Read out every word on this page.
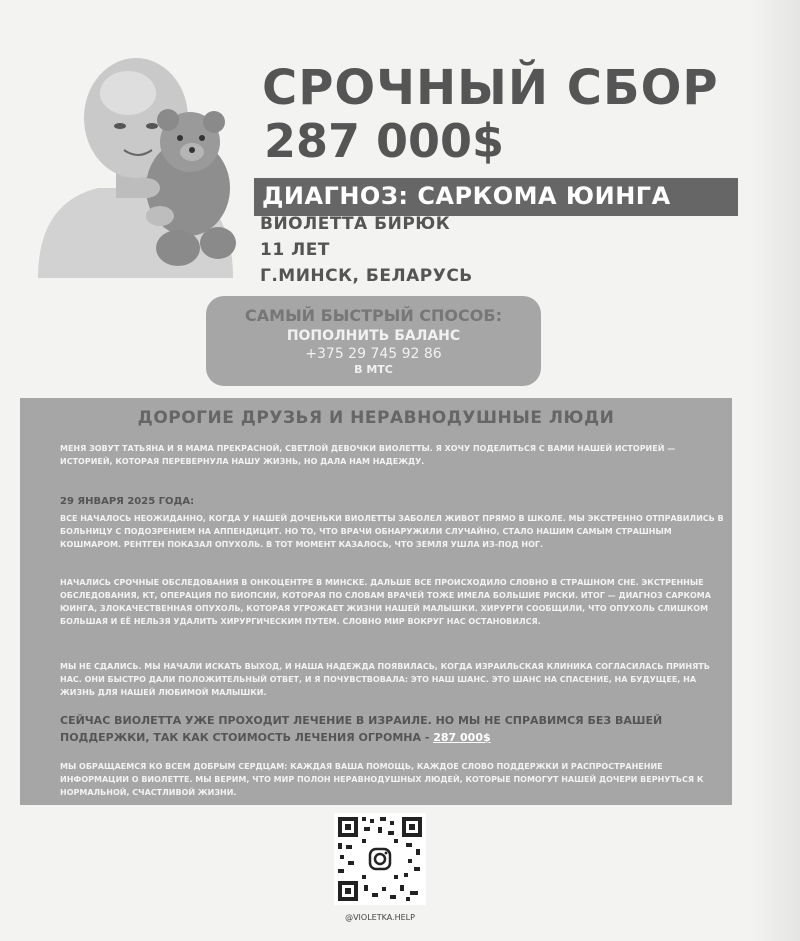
СРОЧНЫЙ СБОР
287 000$
ДИАГНОЗ: САРКОМА ЮИНГА
ВИОЛЕТТА БИРЮК
11 ЛЕТ
Г.МИНСК, БЕЛАРУСЬ
САМЫЙ БЫСТРЫЙ СПОСОБ:
ПОПОЛНИТЬ БАЛАНС
+375 29 745 92 86
В МТС
ДОРОГИЕ ДРУЗЬЯ И НЕРАВНОДУШНЫЕ ЛЮДИ
МЕНЯ ЗОВУТ ТАТЬЯНА И Я МАМА ПРЕКРАСНОЙ, СВЕТЛОЙ ДЕВОЧКИ ВИОЛЕТТЫ. Я ХОЧУ ПОДЕЛИТЬСЯ С ВАМИ НАШЕЙ ИСТОРИЕЙ — ИСТОРИЕЙ, КОТОРАЯ ПЕРЕВЕРНУЛА НАШУ ЖИЗНЬ, НО ДАЛА НАМ НАДЕЖДУ.
29 ЯНВАРЯ 2025 ГОДА:
ВСЕ НАЧАЛОСЬ НЕОЖИДАННО, КОГДА У НАШЕЙ ДОЧЕНЬКИ ВИОЛЕТТЫ ЗАБОЛЕЛ ЖИВОТ ПРЯМО В ШКОЛЕ. МЫ ЭКСТРЕННО ОТПРАВИЛИСЬ В БОЛЬНИЦУ С ПОДОЗРЕНИЕМ НА АППЕНДИЦИТ. НО ТО, ЧТО ВРАЧИ ОБНАРУЖИЛИ СЛУЧАЙНО, СТАЛО НАШИМ САМЫМ СТРАШНЫМ КОШМАРОМ. РЕНТГЕН ПОКАЗАЛ ОПУХОЛЬ. В ТОТ МОМЕНТ КАЗАЛОСЬ, ЧТО ЗЕМЛЯ УШЛА ИЗ-ПОД НОГ.
НАЧАЛИСЬ СРОЧНЫЕ ОБСЛЕДОВАНИЯ В ОНКОЦЕНТРЕ В МИНСКЕ. ДАЛЬШЕ ВСЕ ПРОИСХОДИЛО СЛОВНО В СТРАШНОМ СНЕ. ЭКСТРЕННЫЕ ОБСЛЕДОВАНИЯ, КТ, ОПЕРАЦИЯ ПО БИОПСИИ, КОТОРАЯ ПО СЛОВАМ ВРАЧЕЙ ТОЖЕ ИМЕЛА БОЛЬШИЕ РИСКИ. ИТОГ — ДИАГНОЗ САРКОМА ЮИНГА, ЗЛОКАЧЕСТВЕННАЯ ОПУХОЛЬ, КОТОРАЯ УГРОЖАЕТ ЖИЗНИ НАШЕЙ МАЛЫШКИ. ХИРУРГИ СООБЩИЛИ, ЧТО ОПУХОЛЬ СЛИШКОМ БОЛЬШАЯ И ЕЁ НЕЛЬЗЯ УДАЛИТЬ ХИРУРГИЧЕСКИМ ПУТЕМ. СЛОВНО МИР ВОКРУГ НАС ОСТАНОВИЛСЯ.
МЫ НЕ СДАЛИСЬ. МЫ НАЧАЛИ ИСКАТЬ ВЫХОД, И НАША НАДЕЖДА ПОЯВИЛАСЬ, КОГДА ИЗРАИЛЬСКАЯ КЛИНИКА СОГЛАСИЛАСЬ ПРИНЯТЬ НАС. ОНИ БЫСТРО ДАЛИ ПОЛОЖИТЕЛЬНЫЙ ОТВЕТ, И Я ПОЧУВСТВОВАЛА: ЭТО НАШ ШАНС. ЭТО ШАНС НА СПАСЕНИЕ, НА БУДУЩЕЕ, НА ЖИЗНЬ ДЛЯ НАШЕЙ ЛЮБИМОЙ МАЛЫШКИ.
СЕЙЧАС ВИОЛЕТТА УЖЕ ПРОХОДИТ ЛЕЧЕНИЕ В ИЗРАИЛЕ. НО МЫ НЕ СПРАВИМСЯ БЕЗ ВАШЕЙ ПОДДЕРЖКИ, ТАК КАК СТОИМОСТЬ ЛЕЧЕНИЯ ОГРОМНА - 287 000$
МЫ ОБРАЩАЕМСЯ КО ВСЕМ ДОБРЫМ СЕРДЦАМ: КАЖДАЯ ВАША ПОМОЩЬ, КАЖДОЕ СЛОВО ПОДДЕРЖКИ И РАСПРОСТРАНЕНИЕ ИНФОРМАЦИИ О ВИОЛЕТТЕ. МЫ ВЕРИМ, ЧТО МИР ПОЛОН НЕРАВНОДУШНЫХ ЛЮДЕЙ, КОТОРЫЕ ПОМОГУТ НАШЕЙ ДОЧЕРИ ВЕРНУТЬСЯ К НОРМАЛЬНОЙ, СЧАСТЛИВОЙ ЖИЗНИ.
@VIOLETKA.HELP
